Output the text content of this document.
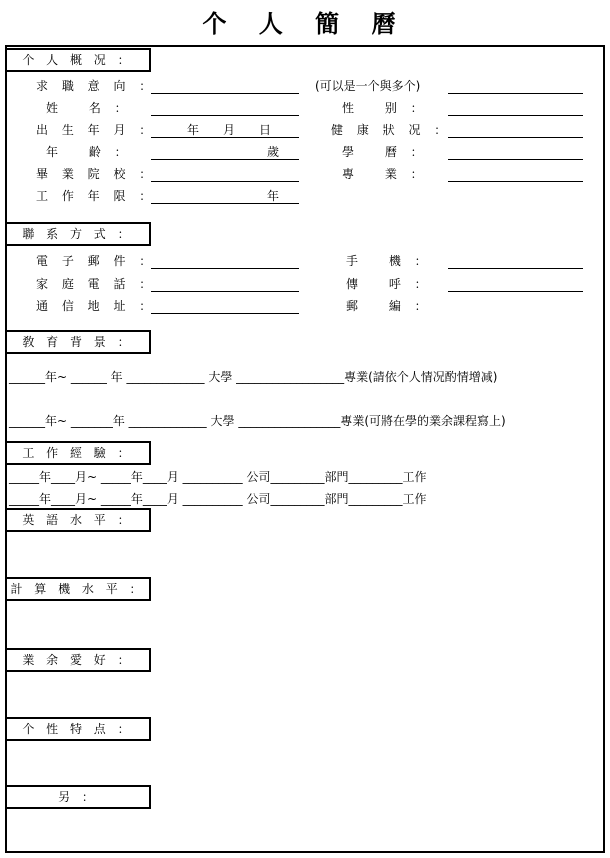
个 人 簡 曆
个 人 概 况 ：
求 職 意 向 ：	(可以是一个與多个)
姓　 名 ：	性　 别 ：
出 生 年 月 ：	年　　月　　日	健 康 狀 况 ：
年　 齡 ：	歲	學　 曆 ：
畢 業 院 校 ：	專　 業 ：
工 作 年 限 ：	年
聯 系 方 式 ：
電 子 郵 件 ：	手　 機 ：
家 庭 電 話 ：	傳　 呼 ：
通 信 地 址 ：	郵　 編 ：
敎 育 背 景 ：
______年~ ______ 年 _____________ 大學 __________________專業(請依个人情况酌情增减)
______年~ _______年 _____________ 大學 _________________專業(可將在學的業余課程寫上)
工 作 經 驗 ：
_____年____月~ _____年____月 __________ 公司_________部門_________工作
_____年____月~ _____年____月 __________ 公司_________部門_________工作
英 語 水 平 ：
計 算 機 水 平 ：
業 余 愛 好 ：
个 性 特 点 ：
另 ：
